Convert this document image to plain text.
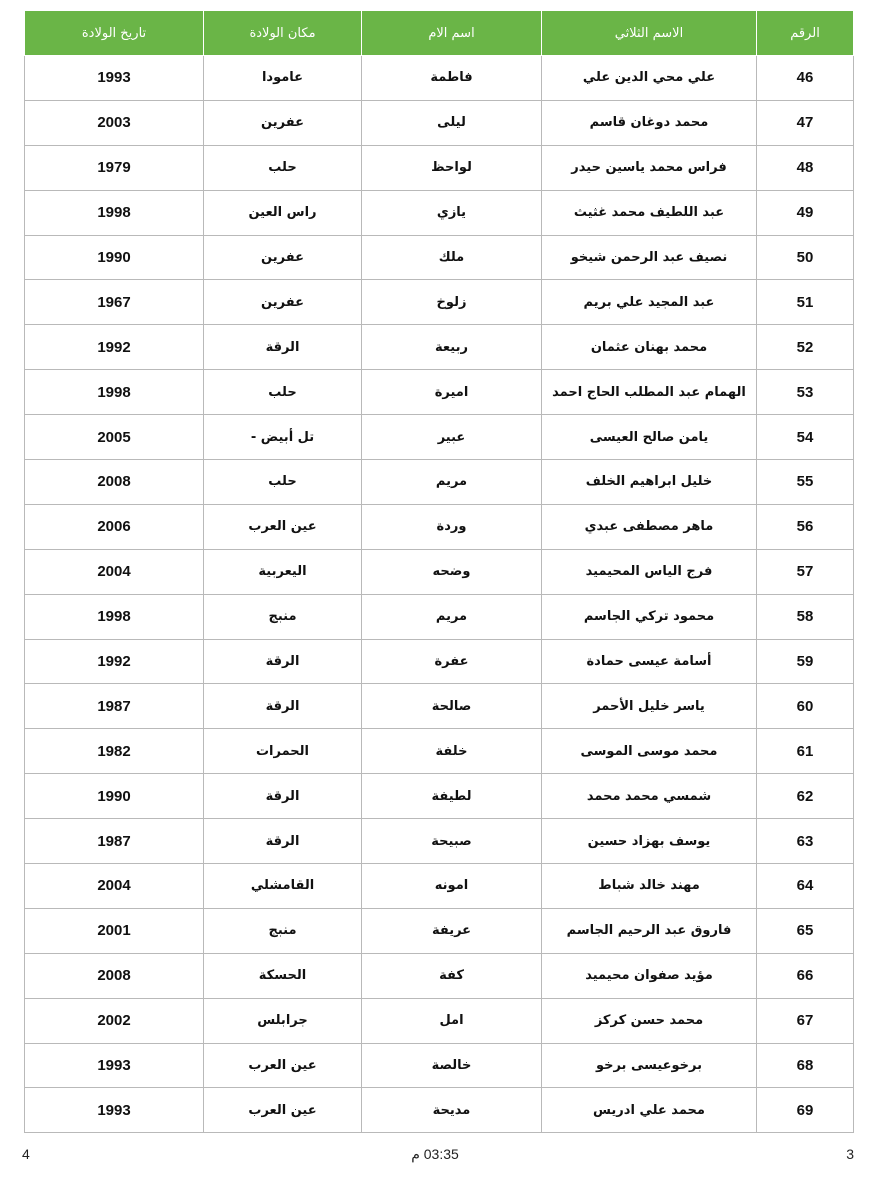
الرقم	الاسم الثلاثي	اسم الام	مكان الولادة	تاريخ الولادة
46	علي محي الدين علي	فاطمة	عامودا	1993
47	محمد دوغان قاسم	ليلى	عفرين	2003
48	فراس محمد ياسين حيدر	لواحظ	حلب	1979
49	عبد اللطيف محمد غثيث	يازي	راس العين	1998
50	نصيف عبد الرحمن شيخو	ملك	عفرين	1990
51	عبد المجيد علي بريم	زلوخ	عفرين	1967
52	محمد بهنان عثمان	ربيعة	الرقة	1992
53	الهمام عبد المطلب الحاج احمد	اميرة	حلب	1998
54	يامن صالح العيسى	عبير	تل أبيض -	2005
55	خليل ابراهيم الخلف	مريم	حلب	2008
56	ماهر مصطفى عبدي	وردة	عين العرب	2006
57	فرج الياس المحيميد	وضحه	اليعربية	2004
58	محمود تركي الجاسم	مريم	منبج	1998
59	أسامة عيسى حمادة	عفرة	الرقة	1992
60	ياسر خليل الأحمر	صالحة	الرقة	1987
61	محمد موسى الموسى	خلفة	الحمرات	1982
62	شمسي محمد محمد	لطيفة	الرقة	1990
63	يوسف بهزاد حسين	صبيحة	الرقة	1987
64	مهند خالد شباط	امونه	القامشلي	2004
65	فاروق عبد الرحيم الجاسم	عريفة	منبج	2001
66	مؤيد صفوان محيميد	كفة	الحسكة	2008
67	محمد حسن كركز	امل	جرابلس	2002
68	برخوعيسى برخو	خالصة	عين العرب	1993
69	محمد علي ادريس	مديحة	عين العرب	1993
4	03:35 م	3
